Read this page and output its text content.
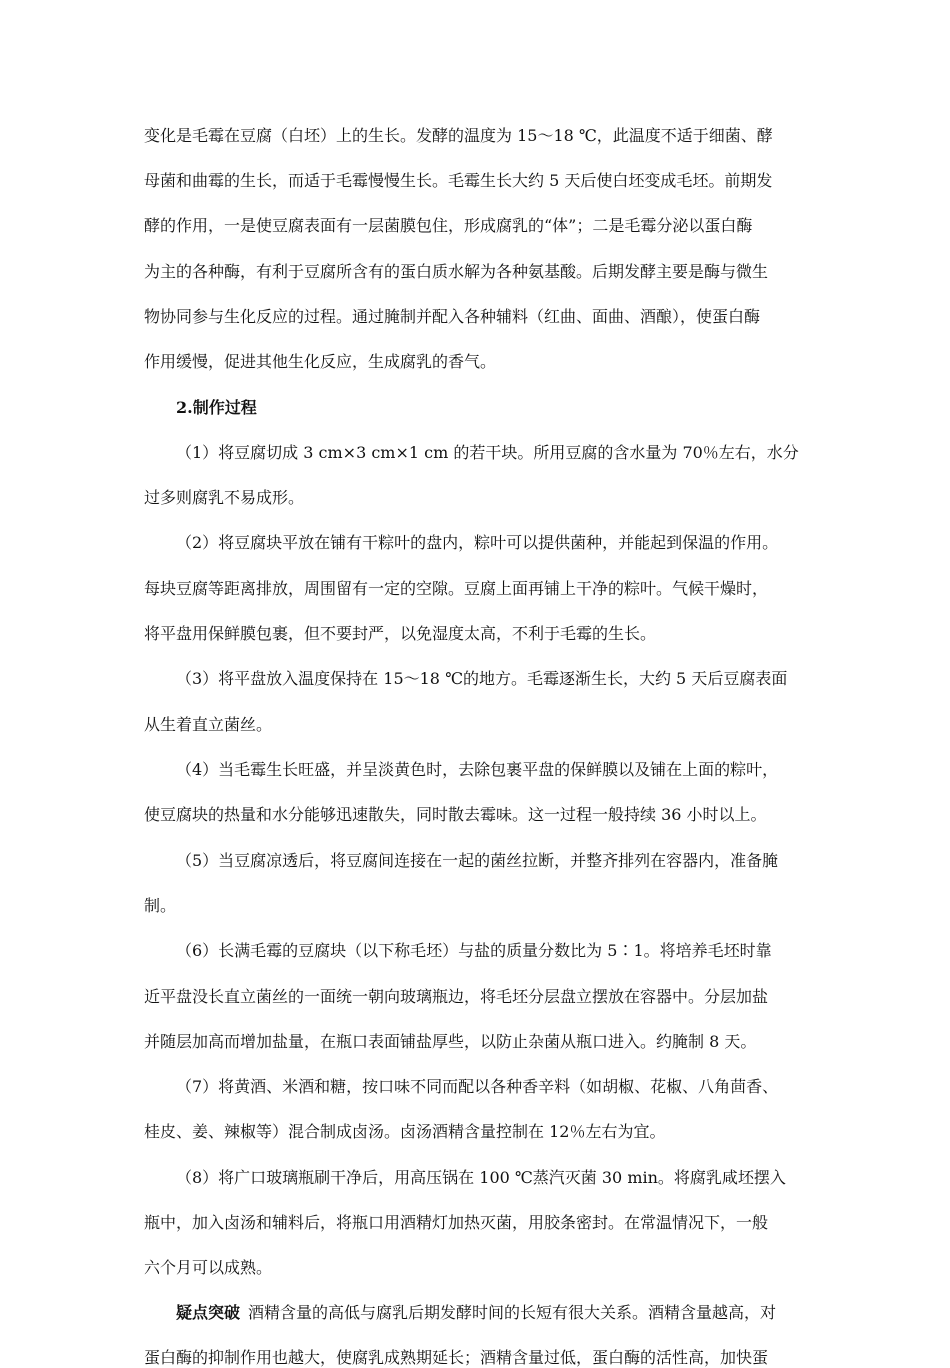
变化是毛霉在豆腐（白坯）上的生长。发酵的温度为 15～18 ℃，此温度不适于细菌、酵
母菌和曲霉的生长，而适于毛霉慢慢生长。毛霉生长大约 5 天后使白坯变成毛坯。前期发
酵的作用，一是使豆腐表面有一层菌膜包住，形成腐乳的“体”；二是毛霉分泌以蛋白酶
为主的各种酶，有利于豆腐所含有的蛋白质水解为各种氨基酸。后期发酵主要是酶与微生
物协同参与生化反应的过程。通过腌制并配入各种辅料（红曲、面曲、酒酿），使蛋白酶
作用缓慢，促进其他生化反应，生成腐乳的香气。
2.制作过程
（1）将豆腐切成 3 cm×3 cm×1 cm 的若干块。所用豆腐的含水量为 70％左右，水分
过多则腐乳不易成形。
（2）将豆腐块平放在铺有干粽叶的盘内，粽叶可以提供菌种，并能起到保温的作用。
每块豆腐等距离排放，周围留有一定的空隙。豆腐上面再铺上干净的粽叶。气候干燥时，
将平盘用保鲜膜包裹，但不要封严，以免湿度太高，不利于毛霉的生长。
（3）将平盘放入温度保持在 15～18 ℃的地方。毛霉逐渐生长，大约 5 天后豆腐表面
从生着直立菌丝。
（4）当毛霉生长旺盛，并呈淡黄色时，去除包裹平盘的保鲜膜以及铺在上面的粽叶，
使豆腐块的热量和水分能够迅速散失，同时散去霉味。这一过程一般持续 36 小时以上。
（5）当豆腐凉透后，将豆腐间连接在一起的菌丝拉断，并整齐排列在容器内，准备腌
制。
（6）长满毛霉的豆腐块（以下称毛坯）与盐的质量分数比为 5∶1。将培养毛坯时靠
近平盘没长直立菌丝的一面统一朝向玻璃瓶边，将毛坯分层盘立摆放在容器中。分层加盐
并随层加高而增加盐量，在瓶口表面铺盐厚些，以防止杂菌从瓶口进入。约腌制 8 天。
（7）将黄酒、米酒和糖，按口味不同而配以各种香辛料（如胡椒、花椒、八角茴香、
桂皮、姜、辣椒等）混合制成卤汤。卤汤酒精含量控制在 12％左右为宜。
（8）将广口玻璃瓶刷干净后，用高压锅在 100 ℃蒸汽灭菌 30 min。将腐乳咸坯摆入
瓶中，加入卤汤和辅料后，将瓶口用酒精灯加热灭菌，用胶条密封。在常温情况下，一般
六个月可以成熟。
疑点突破 酒精含量的高低与腐乳后期发酵时间的长短有很大关系。酒精含量越高，对
蛋白酶的抑制作用也越大，使腐乳成熟期延长；酒精含量过低，蛋白酶的活性高，加快蛋
